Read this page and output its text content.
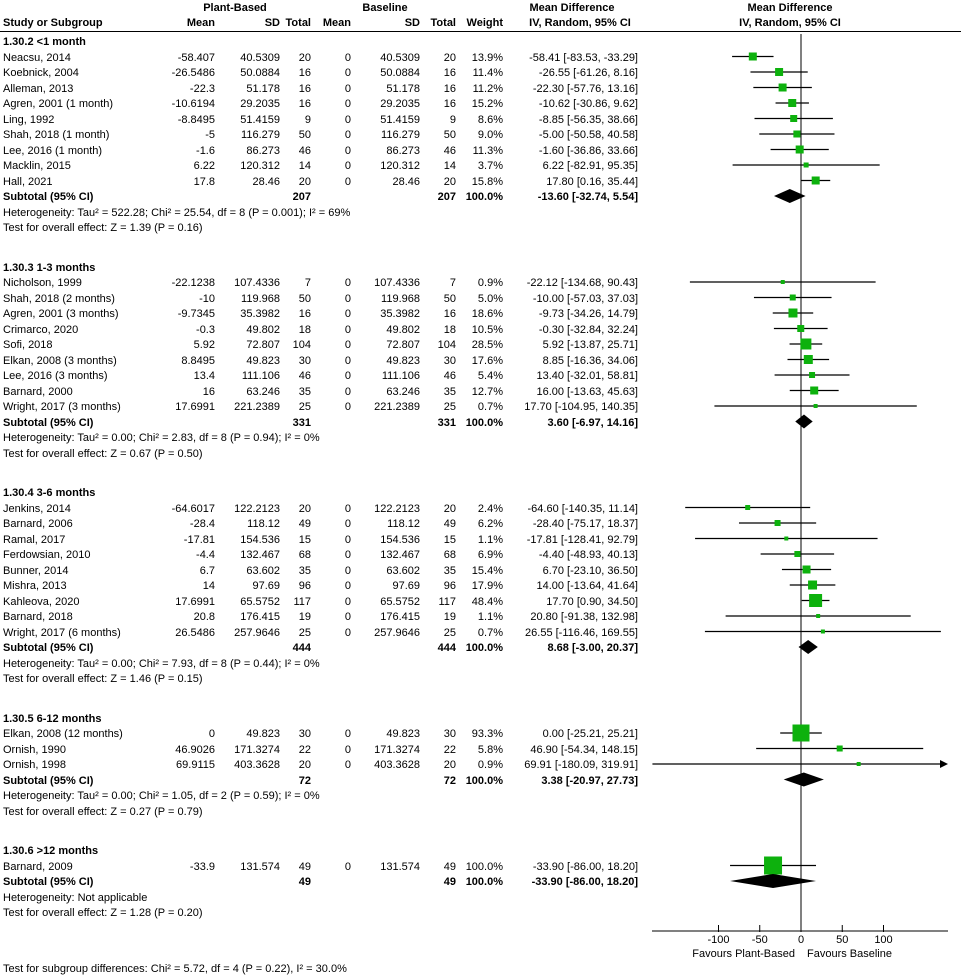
Plant-Based	Baseline	Mean Difference
IV, Random, 95% CI
Mean Difference
IV, Random, 95% CI
Study or Subgroup	Mean	SD Total Mean	SD Total Weight
1.30.2 <1 month
Neacsu, 2014	-58.407 40.5309 20	0	40.5309 20 13.9% -58.41 [-83.53, -33.29]
Koebnick, 2004	-26.5486 50.0884 16	0	50.0884 16 11.4%	-26.55 [-61.26, 8.16]
Alleman, 2013	-22.3	51.178 16	0	51.178 16 11.2%	-22.30 [-57.76, 13.16]
Agren, 2001 (1 month)	-10.6194 29.2035 16	0	29.2035 16 15.2%	-10.62 [-30.86, 9.62]
Ling, 1992	-8.8495 51.4159 9	0	51.4159	9 8.6%	-8.85 [-56.35, 38.66]
Shah, 2018 (1 month)	-5 116.279 50	0	116.279 50 9.0%	-5.00 [-50.58, 40.58]
Lee, 2016 (1 month)	-1.6	86.273 46	0	86.273 46 11.3%	-1.60 [-36.86, 33.66]
Macklin, 2015	6.22 120.312 14	0	120.312 14 3.7%	6.22 [-82.91, 95.35]
Hall, 2021	17.8	28.46 20	0	28.46 20 15.8%	17.80 [0.16, 35.44]
Subtotal (95% CI)	207	207 100.0%	-13.60 [-32.74, 5.54]
Heterogeneity: Tau² = 522.28; Chi² = 25.54, df = 8 (P = 0.001); I² = 69%
Test for overall effect: Z = 1.39 (P = 0.16)
1.30.3 1-3 months
Nicholson, 1999	-22.1238 107.4336 7	0 107.4336	7 0.9% -22.12 [-134.68, 90.43]
Shah, 2018 (2 months)	-10 119.968 50	0	119.968 50 5.0%	-10.00 [-57.03, 37.03]
Agren, 2001 (3 months)	-9.7345 35.3982 16	0	35.3982 16 18.6%	-9.73 [-34.26, 14.79]
Crimarco, 2020	-0.3	49.802 18	0	49.802 18 10.5%	-0.30 [-32.84, 32.24]
Sofi, 2018	5.92	72.807 104	0	72.807 104 28.5%	5.92 [-13.87, 25.71]
Elkan, 2008 (3 months)	8.8495	49.823 30	0	49.823 30 17.6%	8.85 [-16.36, 34.06]
Lee, 2016 (3 months)	13.4 111.106 46	0	111.106 46 5.4%	13.40 [-32.01, 58.81]
Barnard, 2000	16	63.246 35	0	63.246 35 12.7%	16.00 [-13.63, 45.63]
Wright, 2017 (3 months)	17.6991 221.2389 25	0 221.2389 25 0.7% 17.70 [-104.95, 140.35]
Subtotal (95% CI)	331	331 100.0%	3.60 [-6.97, 14.16]
Heterogeneity: Tau² = 0.00; Chi² = 2.83, df = 8 (P = 0.94); I² = 0%
Test for overall effect: Z = 0.67 (P = 0.50)
1.30.4 3-6 months
Jenkins, 2014	-64.6017 122.2123 20	0 122.2123 20 2.4% -64.60 [-140.35, 11.14]
Barnard, 2006	-28.4	118.12 49	0	118.12 49 6.2%	-28.40 [-75.17, 18.37]
Ramal, 2017	-17.81 154.536 15	0	154.536 15 1.1% -17.81 [-128.41, 92.79]
Ferdowsian, 2010	-4.4 132.467 68	0	132.467 68 6.9%	-4.40 [-48.93, 40.13]
Bunner, 2014	6.7	63.602 35	0	63.602 35 15.4%	6.70 [-23.10, 36.50]
Mishra, 2013	14	97.69 96	0	97.69 96 17.9%	14.00 [-13.64, 41.64]
Kahleova, 2020	17.6991 65.5752 117	0	65.5752 117 48.4%	17.70 [0.90, 34.50]
Barnard, 2018	20.8 176.415 19	0	176.415 19 1.1% 20.80 [-91.38, 132.98]
Wright, 2017 (6 months)	26.5486 257.9646 25	0 257.9646 25 0.7% 26.55 [-116.46, 169.55]
Subtotal (95% CI)	444	444 100.0%	8.68 [-3.00, 20.37]
Heterogeneity: Tau² = 0.00; Chi² = 7.93, df = 8 (P = 0.44); I² = 0%
Test for overall effect: Z = 1.46 (P = 0.15)
1.30.5 6-12 months
Elkan, 2008 (12 months)	0	49.823 30	0	49.823 30 93.3%	0.00 [-25.21, 25.21]
Ornish, 1990	46.9026 171.3274 22	0 171.3274 22 5.8% 46.90 [-54.34, 148.15]
Ornish, 1998	69.9115 403.3628 20	0 403.3628 20 0.9% 69.91 [-180.09, 319.91]
Subtotal (95% CI)	72	72 100.0%	3.38 [-20.97, 27.73]
Heterogeneity: Tau² = 0.00; Chi² = 1.05, df = 2 (P = 0.59); I² = 0%
Test for overall effect: Z = 0.27 (P = 0.79)
1.30.6 >12 months
Barnard, 2009	-33.9 131.574 49	0	131.574 49 100.0%	-33.90 [-86.00, 18.20]
Subtotal (95% CI)	49	49 100.0%	-33.90 [-86.00, 18.20]
Heterogeneity: Not applicable
Test for overall effect: Z = 1.28 (P = 0.20)
-100	-50	0	50	100
Favours Plant-Based Favours Baseline
Test for subgroup differences: Chi² = 5.72, df = 4 (P = 0.22), I² = 30.0%
